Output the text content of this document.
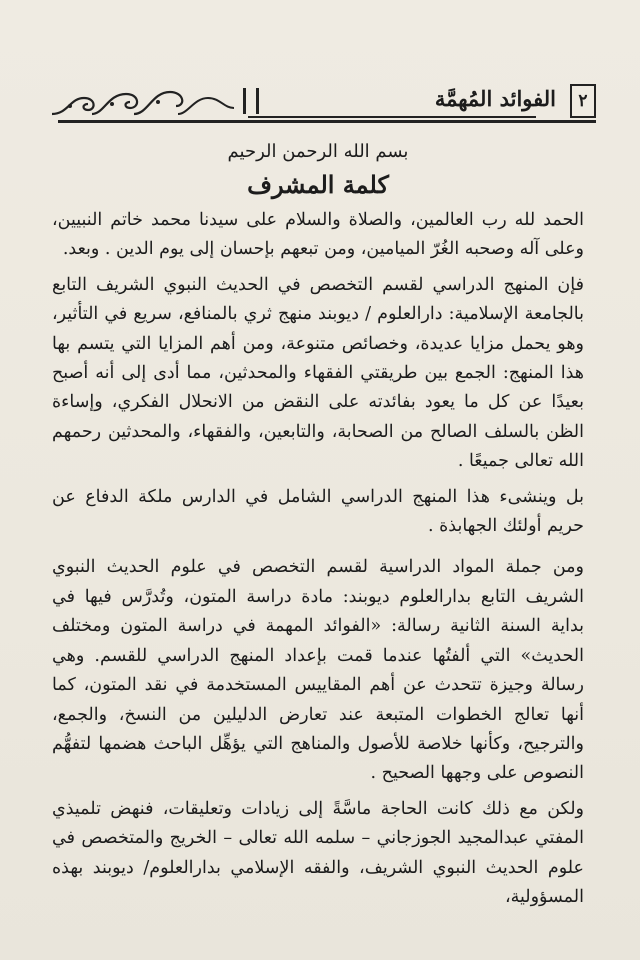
الفوائد المُهمَّة	٢

بسم الله الرحمن الرحيم

كلمة المشرف

الحمد لله رب العالمين، والصلاة والسلام على سيدنا محمد خاتم النبيين، وعلى آله وصحبه الغُرّ الميامين، ومن تبعهم بإحسان إلى يوم الدين . وبعد.

فإن المنهج الدراسي لقسم التخصص في الحديث النبوي الشريف التابع بالجامعة الإسلامية: دارالعلوم / ديوبند منهج ثري بالمنافع، سريع في التأثير، وهو يحمل مزايا عديدة، وخصائص متنوعة، ومن أهم المزايا التي يتسم بها هذا المنهج: الجمع بين طريقتي الفقهاء والمحدثين، مما أدى إلى أنه أصبح بعيدًا عن كل ما يعود بفائدته على النقض من الانحلال الفكري، وإساءة الظن بالسلف الصالح من الصحابة، والتابعين، والفقهاء، والمحدثين رحمهم الله تعالى جميعًا .

بل وينشىء هذا المنهج الدراسي الشامل في الدارس ملكة الدفاع عن حريم أولئك الجهابذة .

ومن جملة المواد الدراسية لقسم التخصص في علوم الحديث النبوي الشريف التابع بدارالعلوم ديوبند: مادة دراسة المتون، وتُدرَّس فيها في بداية السنة الثانية رسالة: «الفوائد المهمة في دراسة المتون ومختلف الحديث» التي ألفتُها عندما قمت بإعداد المنهج الدراسي للقسم. وهي رسالة وجيزة تتحدث عن أهم المقاييس المستخدمة في نقد المتون، كما أنها تعالج الخطوات المتبعة عند تعارض الدليلين من النسخ، والجمع، والترجيح، وكأنها خلاصة للأصول والمناهج التي يؤهِّل الباحث هضمها لتفهُّم النصوص على وجهها الصحيح .

ولكن مع ذلك كانت الحاجة ماسَّةً إلى زيادات وتعليقات، فنهض تلميذي المفتي عبدالمجيد الجوزجاني – سلمه الله تعالى – الخريج والمتخصص في علوم الحديث النبوي الشريف، والفقه الإسلامي بدارالعلوم/ ديوبند بهذه المسؤولية،
